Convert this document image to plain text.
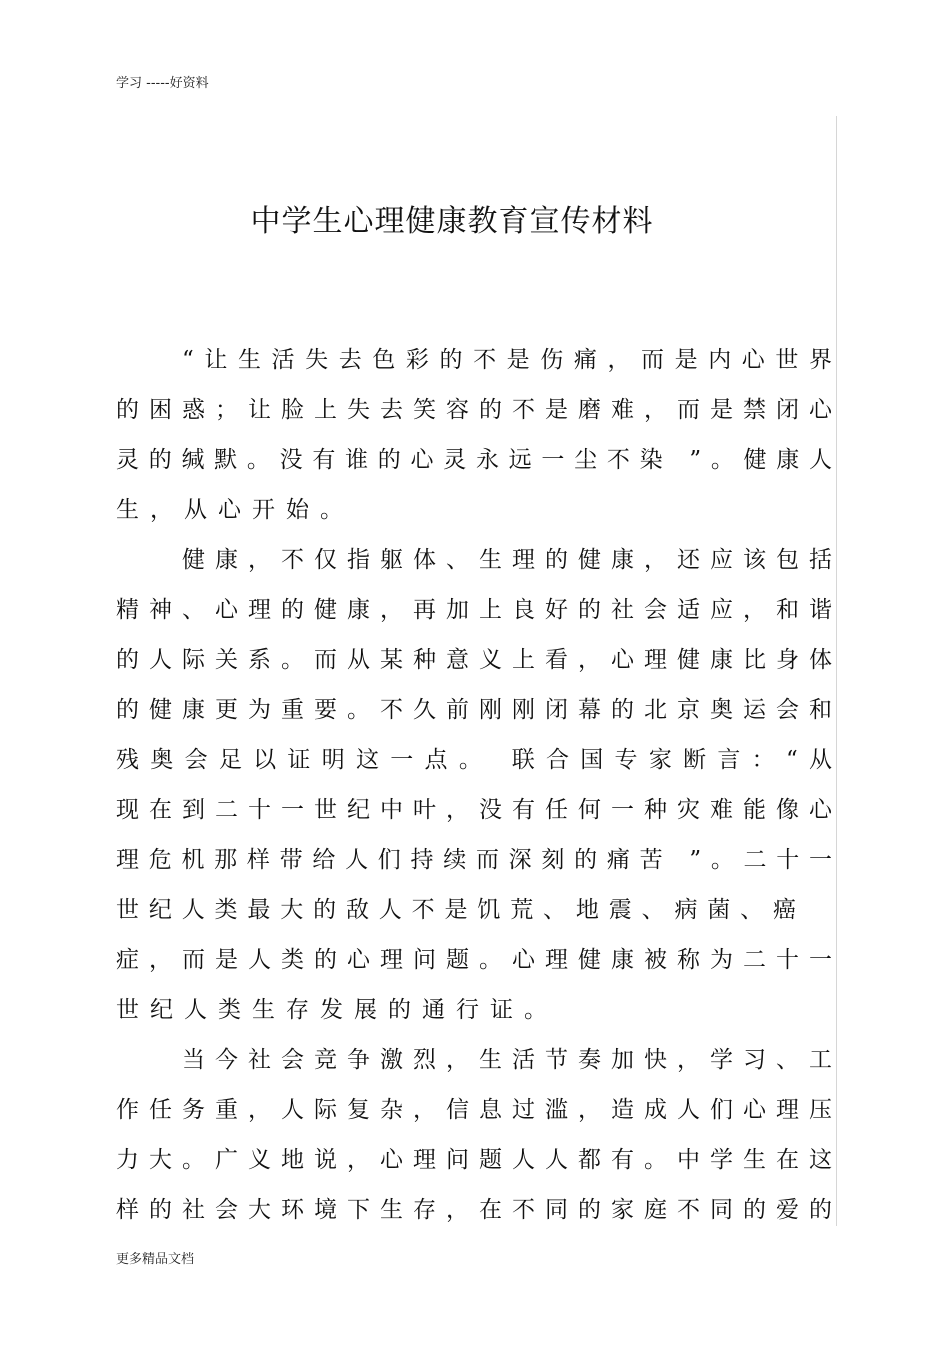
学习 -----好资料
中学生心理健康教育宣传材料
“让生活失去色彩的不是伤痛，而是内心世界
的困惑；让脸上失去笑容的不是磨难，而是禁闭心
灵的缄默。没有谁的心灵永远一尘不染 ”。健康人
生，从心开始。
健康，不仅指躯体、生理的健康，还应该包括
精神、心理的健康，再加上良好的社会适应，和谐
的人际关系。而从某种意义上看，心理健康比身体
的健康更为重要。不久前刚刚闭幕的北京奥运会和
残奥会足以证明这一点。 联合国专家断言：“从
现在到二十一世纪中叶，没有任何一种灾难能像心
理危机那样带给人们持续而深刻的痛苦 ”。二十一
世纪人类最大的敌人不是饥荒、地震、病菌、癌
症，而是人类的心理问题。心理健康被称为二十一
世纪人类生存发展的通行证。
当今社会竞争激烈，生活节奏加快，学习、工
作任务重，人际复杂，信息过滥，造成人们心理压
力大。广义地说，心理问题人人都有。中学生在这
样的社会大环境下生存，在不同的家庭不同的爱的
更多精品文档
